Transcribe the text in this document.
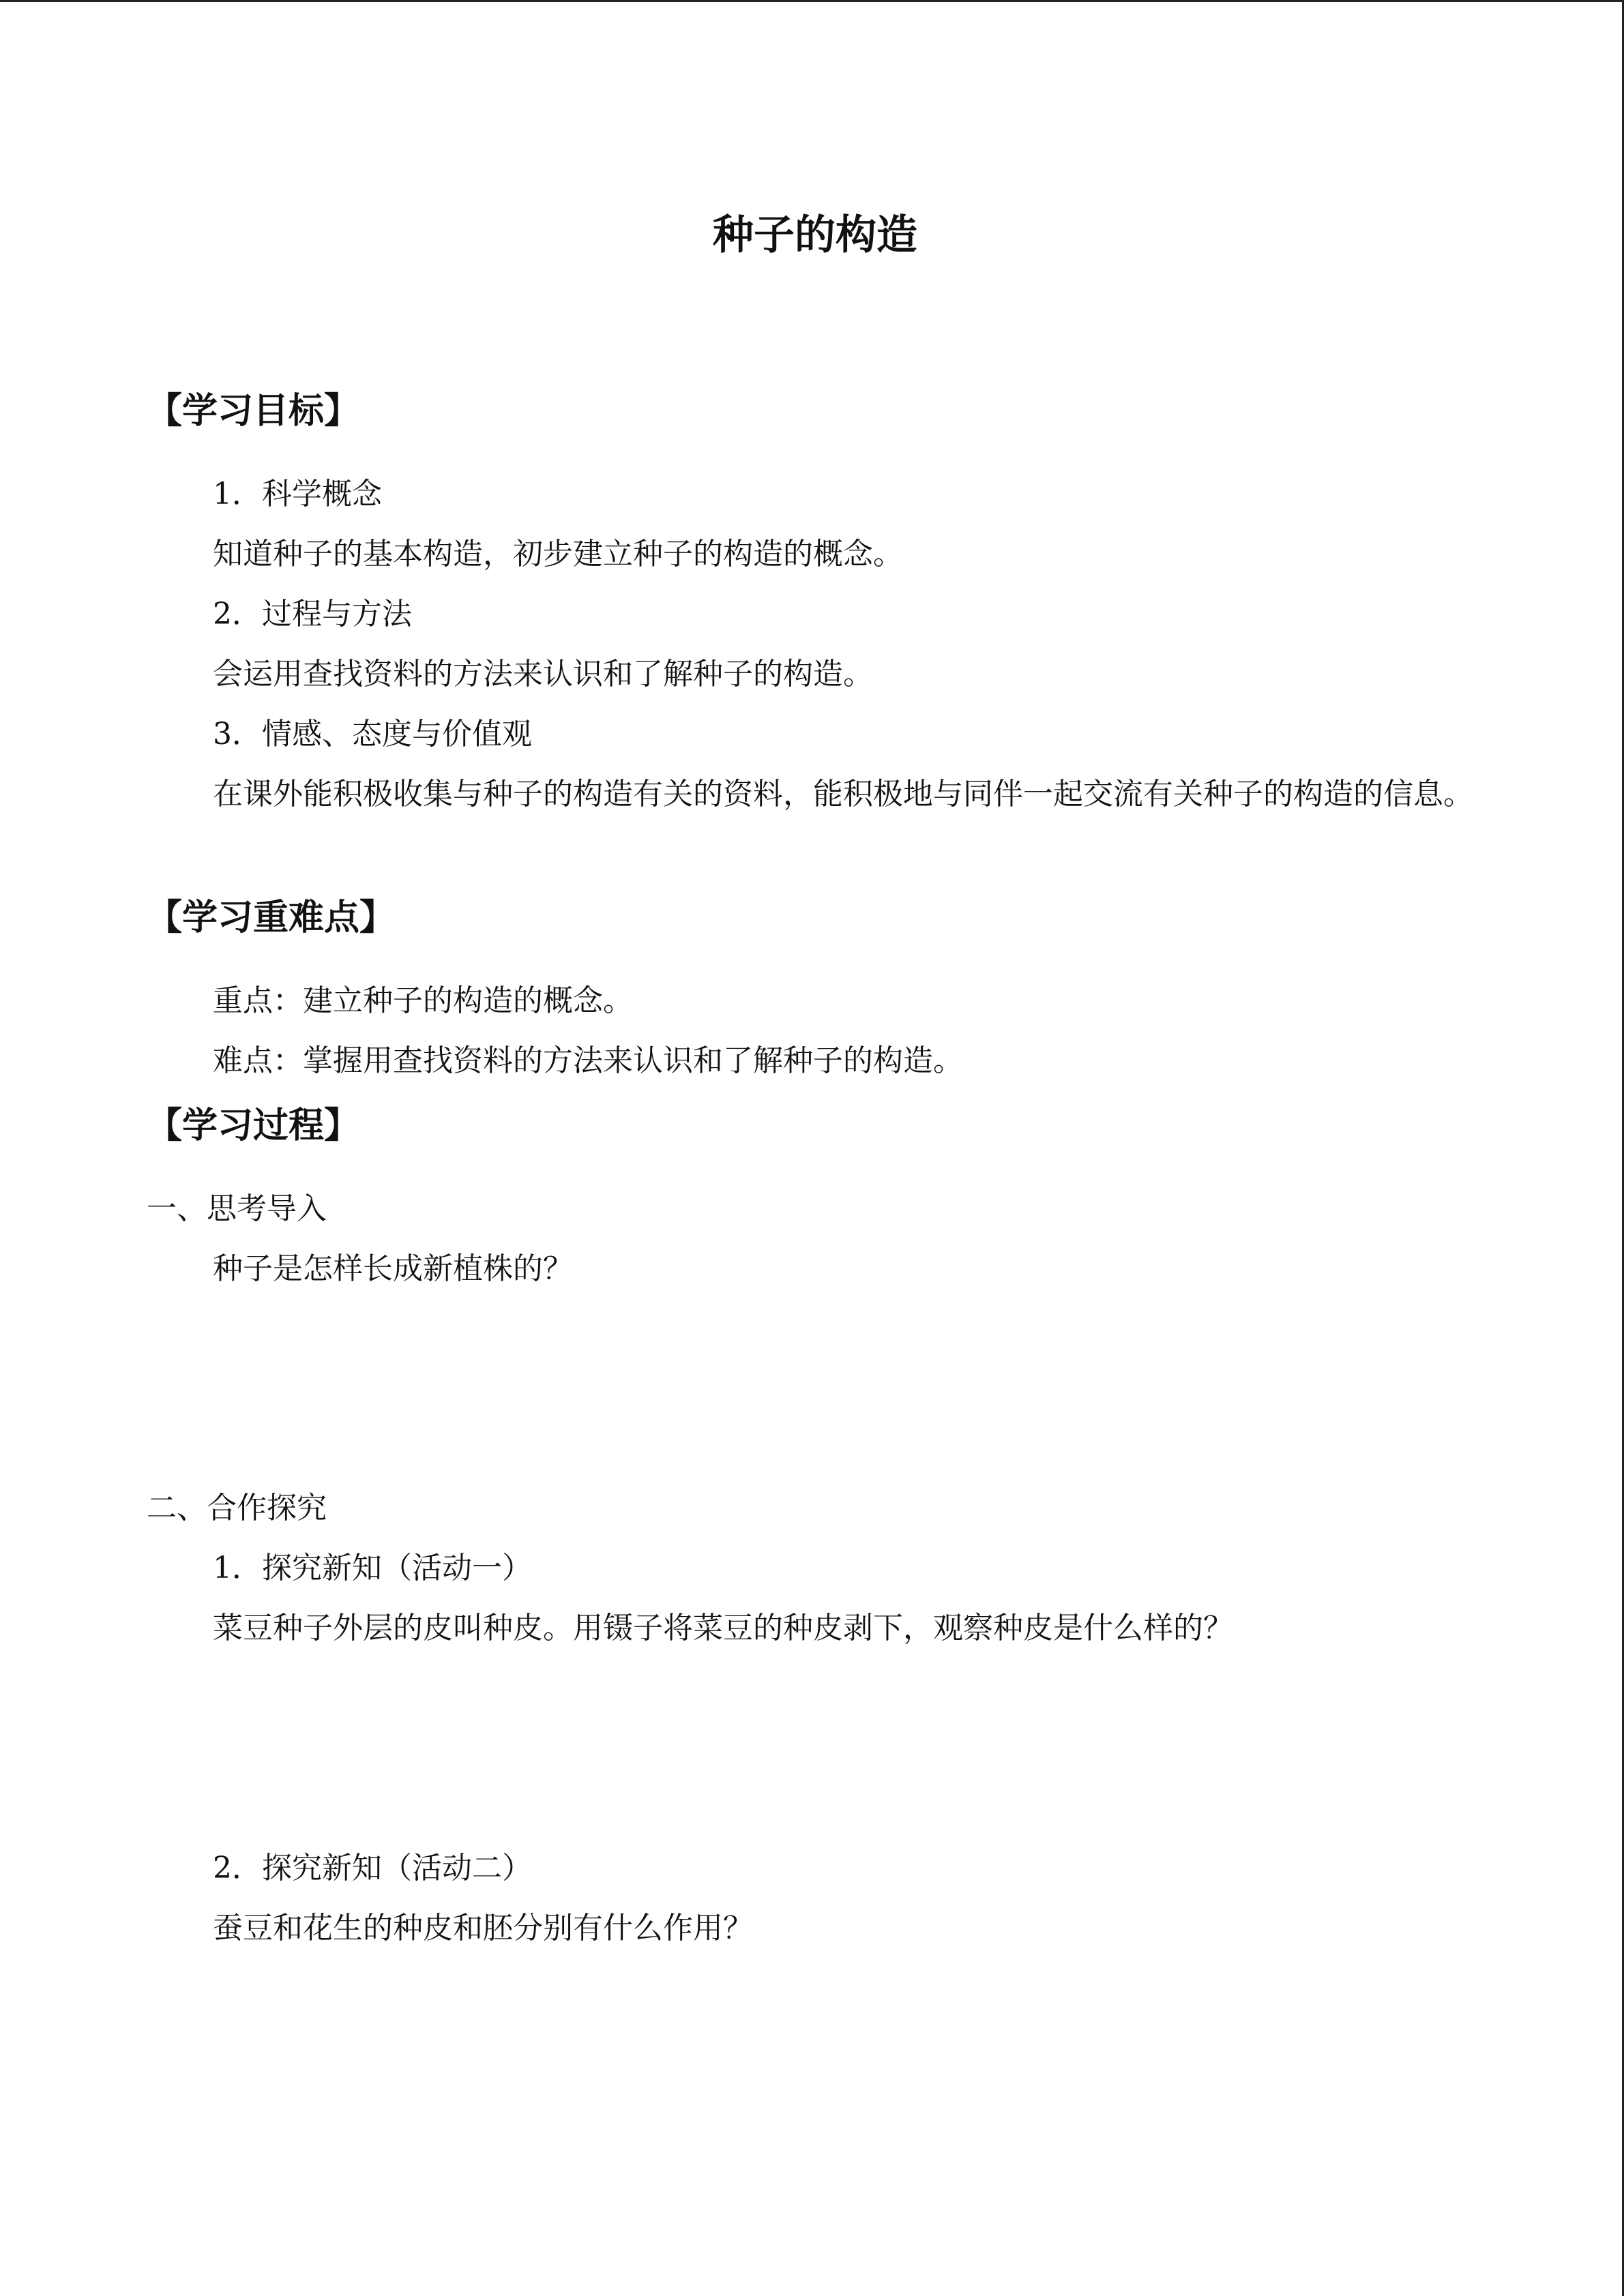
种子的构造
【学习目标】

1．科学概念

知道种子的基本构造，初步建立种子的构造的概念。

2．过程与方法

会运用查找资料的方法来认识和了解种子的构造。

3．情感、态度与价值观

在课外能积极收集与种子的构造有关的资料，能积极地与同伴一起交流有关种子的构造的信息。

【学习重难点】

重点：建立种子的构造的概念。

难点：掌握用查找资料的方法来认识和了解种子的构造。

【学习过程】

一、思考导入

种子是怎样长成新植株的？

二、合作探究

1．探究新知（活动一）

菜豆种子外层的皮叫种皮。用镊子将菜豆的种皮剥下，观察种皮是什么样的？

2．探究新知（活动二）

蚕豆和花生的种皮和胚分别有什么作用？
